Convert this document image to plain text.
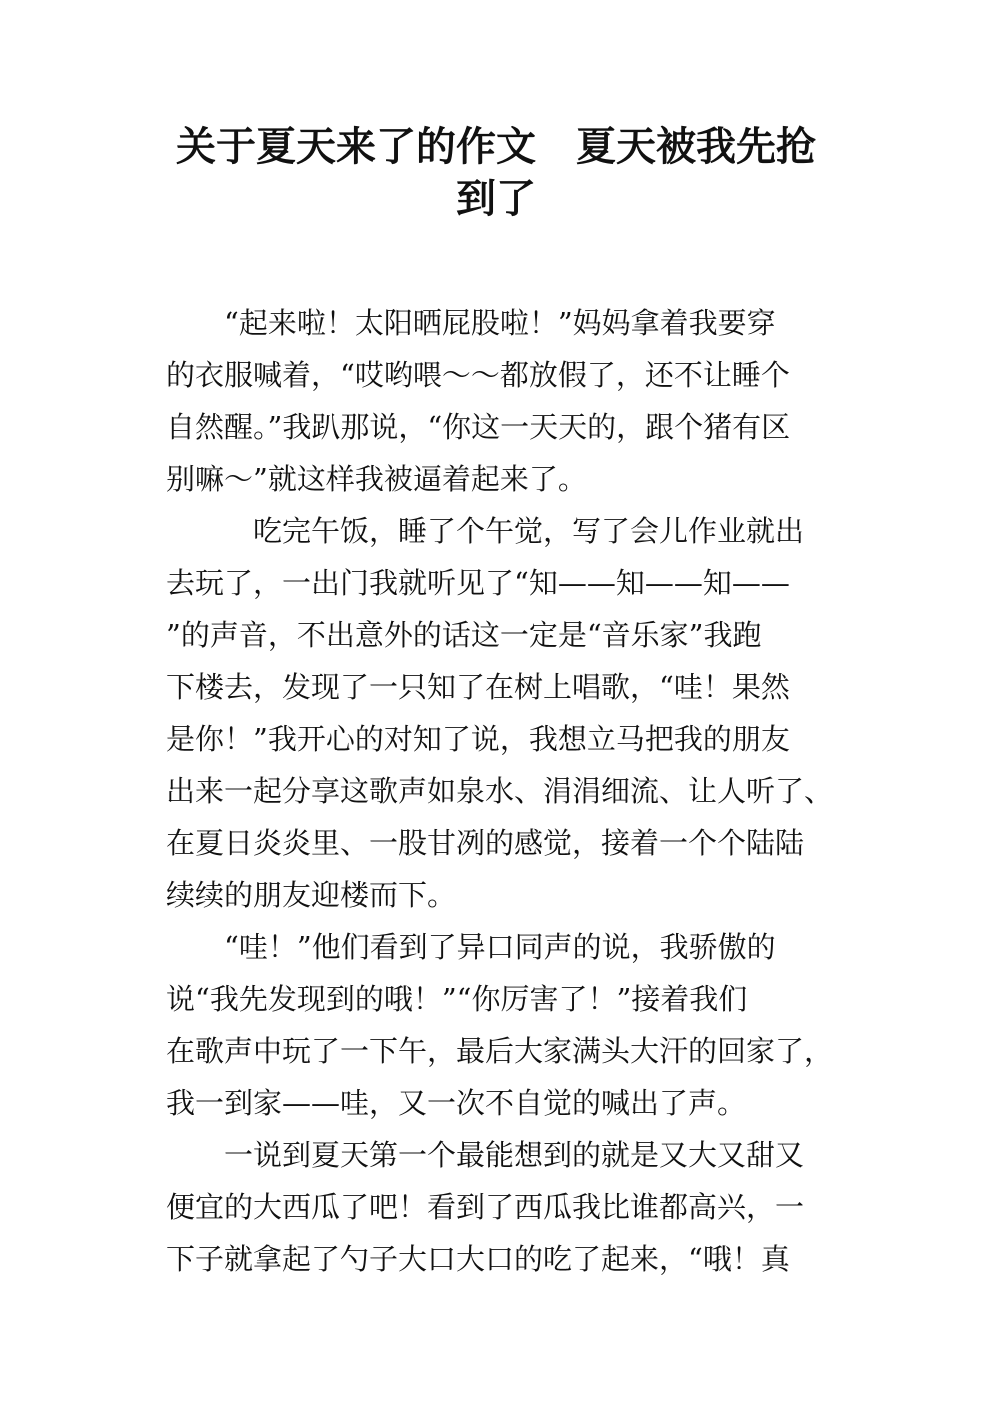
关于夏天来了的作文　夏天被我先抢
到了
　　“起来啦！太阳晒屁股啦！”妈妈拿着我要穿
的衣服喊着，“哎哟喂～～都放假了，还不让睡个
自然醒。”我趴那说，“你这一天天的，跟个猪有区
别嘛～”就这样我被逼着起来了。
　　　吃完午饭，睡了个午觉，写了会儿作业就出
去玩了，一出门我就听见了“知——知——知——
”的声音，不出意外的话这一定是“音乐家”我跑
下楼去，发现了一只知了在树上唱歌，“哇！果然
是你！”我开心的对知了说，我想立马把我的朋友
出来一起分享这歌声如泉水、涓涓细流、让人听了、
在夏日炎炎里、一股甘冽的感觉，接着一个个陆陆
续续的朋友迎楼而下。
　　“哇！”他们看到了异口同声的说，我骄傲的
说“我先发现到的哦！”“你厉害了！”接着我们
在歌声中玩了一下午，最后大家满头大汗的回家了，
我一到家——哇，又一次不自觉的喊出了声。
　　一说到夏天第一个最能想到的就是又大又甜又
便宜的大西瓜了吧！看到了西瓜我比谁都高兴，一
下子就拿起了勺子大口大口的吃了起来，“哦！真
